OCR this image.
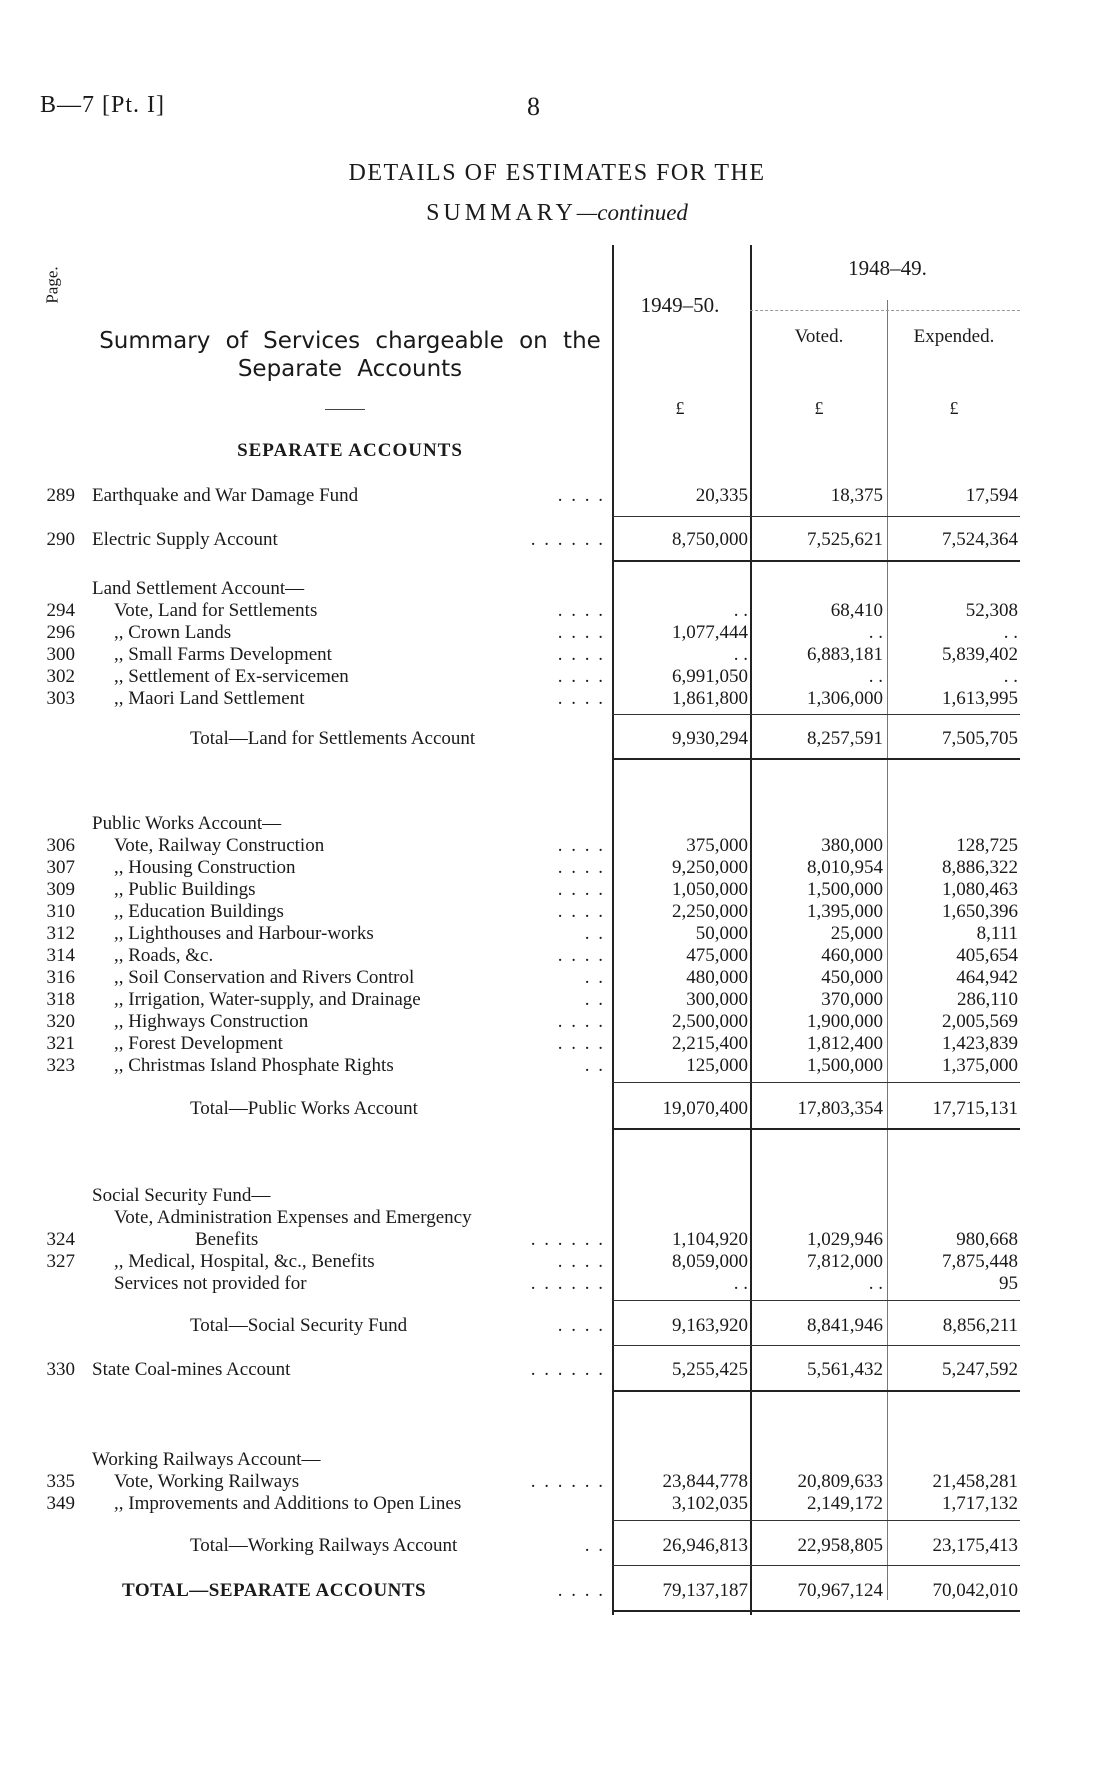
B—7 [Pt. I]	8
DETAILS OF ESTIMATES FOR THE
SUMMARY—continued
Page.
Summary of Services chargeable on the Separate Accounts
1949–50.
1948–49.
Voted.	Expended.
£	£	£
SEPARATE ACCOUNTS
289 Earthquake and War Damage Fund	. . . .	20,335	18,375	17,594
290 Electric Supply Account	. . . . . .	8,750,000	7,525,621	7,524,364
Land Settlement Account—
294	Vote, Land for Settlements	. . . .	. .	68,410	52,308
296	,, Crown Lands	. . . .	1,077,444	. .	. .
300	,, Small Farms Development	. . . .	. .	6,883,181	5,839,402
302	,, Settlement of Ex-servicemen	. . . .	6,991,050	. .	. .
303	,, Maori Land Settlement	. . . .	1,861,800	1,306,000	1,613,995
Total—Land for Settlements Account	9,930,294	8,257,591	7,505,705
Public Works Account—
306	Vote, Railway Construction	. . . .	375,000	380,000	128,725
307	,, Housing Construction	. . . .	9,250,000	8,010,954	8,886,322
309	,, Public Buildings	. . . .	1,050,000	1,500,000	1,080,463
310	,, Education Buildings	. . . .	2,250,000	1,395,000	1,650,396
312	,, Lighthouses and Harbour-works	. .	50,000	25,000	8,111
314	,, Roads, &c.	. . . .	475,000	460,000	405,654
316	,, Soil Conservation and Rivers Control	. .	480,000	450,000	464,942
318	,, Irrigation, Water-supply, and Drainage	. .	300,000	370,000	286,110
320	,, Highways Construction	. . . .	2,500,000	1,900,000	2,005,569
321	,, Forest Development	. . . .	2,215,400	1,812,400	1,423,839
323	,, Christmas Island Phosphate Rights	. .	125,000	1,500,000	1,375,000
Total—Public Works Account	19,070,400	17,803,354	17,715,131
Social Security Fund—
Vote, Administration Expenses and Emergency
324	Benefits	. . . . . .	1,104,920	1,029,946	980,668
327	,, Medical, Hospital, &c., Benefits	. . . .	8,059,000	7,812,000	7,875,448
Services not provided for	. . . . . .	. .	. .	95
Total—Social Security Fund	. . . .	9,163,920	8,841,946	8,856,211
330 State Coal-mines Account	. . . . . .	5,255,425	5,561,432	5,247,592
Working Railways Account—
335	Vote, Working Railways	. . . . . .	23,844,778	20,809,633	21,458,281
349	,, Improvements and Additions to Open Lines	3,102,035	2,149,172	1,717,132
Total—Working Railways Account	. .	26,946,813	22,958,805	23,175,413
TOTAL—SEPARATE ACCOUNTS	. . . .	79,137,187	70,967,124	70,042,010
